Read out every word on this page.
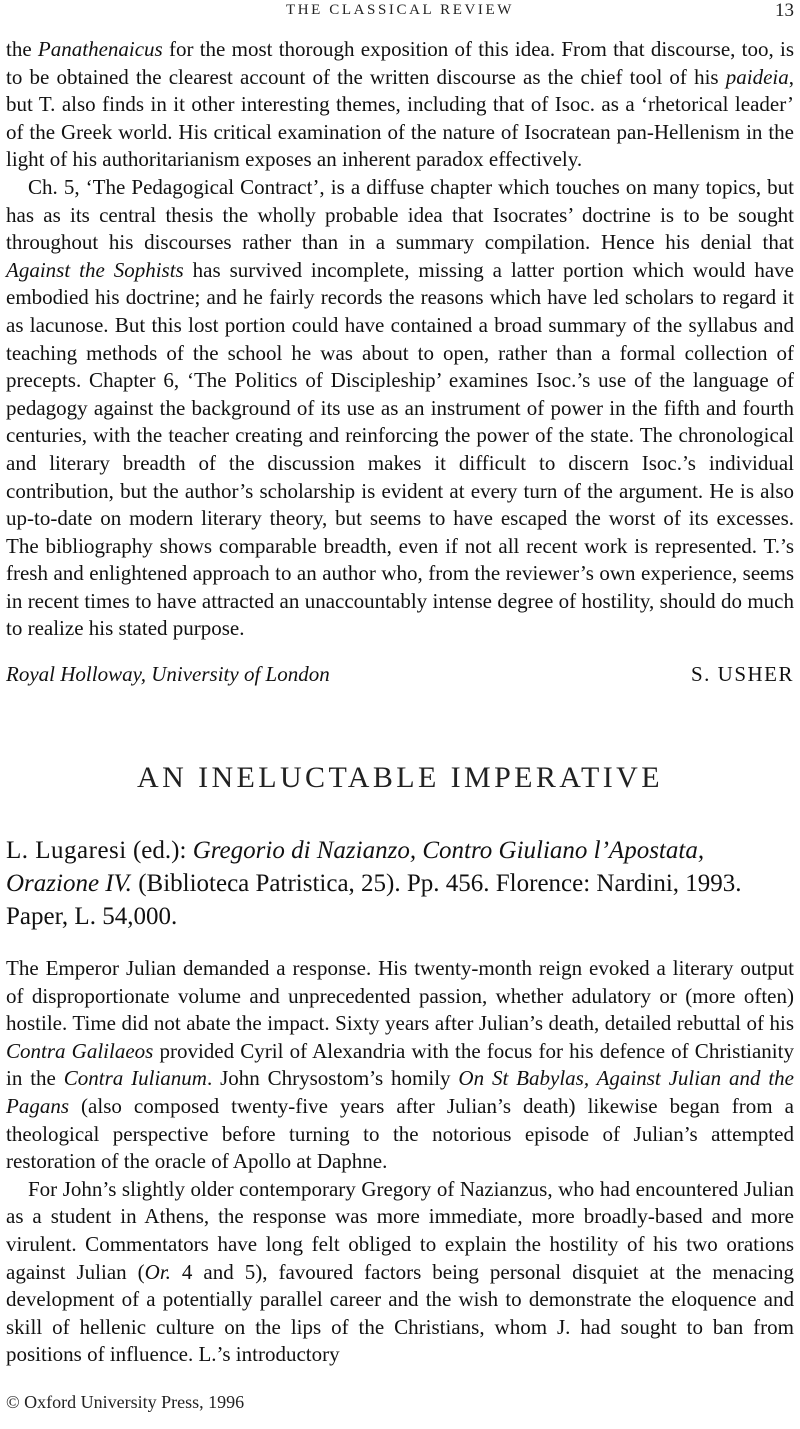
THE CLASSICAL REVIEW	13

the Panathenaicus for the most thorough exposition of this idea. From that discourse, too, is to be obtained the clearest account of the written discourse as the chief tool of his paideia, but T. also finds in it other interesting themes, including that of Isoc. as a ‘rhetorical leader’ of the Greek world. His critical examination of the nature of Isocratean pan-Hellenism in the light of his authoritarianism exposes an inherent paradox effectively.

Ch. 5, ‘The Pedagogical Contract’, is a diffuse chapter which touches on many topics, but has as its central thesis the wholly probable idea that Isocrates’ doctrine is to be sought throughout his discourses rather than in a summary compilation. Hence his denial that Against the Sophists has survived incomplete, missing a latter portion which would have embodied his doctrine; and he fairly records the reasons which have led scholars to regard it as lacunose. But this lost portion could have contained a broad summary of the syllabus and teaching methods of the school he was about to open, rather than a formal collection of precepts. Chapter 6, ‘The Politics of Discipleship’ examines Isoc.’s use of the language of pedagogy against the background of its use as an instrument of power in the fifth and fourth centuries, with the teacher creating and reinforcing the power of the state. The chronological and literary breadth of the discussion makes it difficult to discern Isoc.’s individual contribution, but the author’s scholarship is evident at every turn of the argument. He is also up-to-date on modern literary theory, but seems to have escaped the worst of its excesses. The bibliography shows comparable breadth, even if not all recent work is represented. T.’s fresh and enlightened approach to an author who, from the reviewer’s own experience, seems in recent times to have attracted an unaccountably intense degree of hostility, should do much to realize his stated purpose.

Royal Holloway, University of London	S. USHER
AN INELUCTABLE IMPERATIVE

L. Lugaresi (ed.): Gregorio di Nazianzo, Contro Giuliano l’Apostata, Orazione IV. (Biblioteca Patristica, 25). Pp. 456. Florence: Nardini, 1993. Paper, L. 54,000.

The Emperor Julian demanded a response. His twenty-month reign evoked a literary output of disproportionate volume and unprecedented passion, whether adulatory or (more often) hostile. Time did not abate the impact. Sixty years after Julian’s death, detailed rebuttal of his Contra Galilaeos provided Cyril of Alexandria with the focus for his defence of Christianity in the Contra Iulianum. John Chrysostom’s homily On St Babylas, Against Julian and the Pagans (also composed twenty-five years after Julian’s death) likewise began from a theological perspective before turning to the notorious episode of Julian’s attempted restoration of the oracle of Apollo at Daphne.

For John’s slightly older contemporary Gregory of Nazianzus, who had encountered Julian as a student in Athens, the response was more immediate, more broadly-based and more virulent. Commentators have long felt obliged to explain the hostility of his two orations against Julian (Or. 4 and 5), favoured factors being personal disquiet at the menacing development of a potentially parallel career and the wish to demonstrate the eloquence and skill of hellenic culture on the lips of the Christians, whom J. had sought to ban from positions of influence. L.’s introductory

© Oxford University Press, 1996
